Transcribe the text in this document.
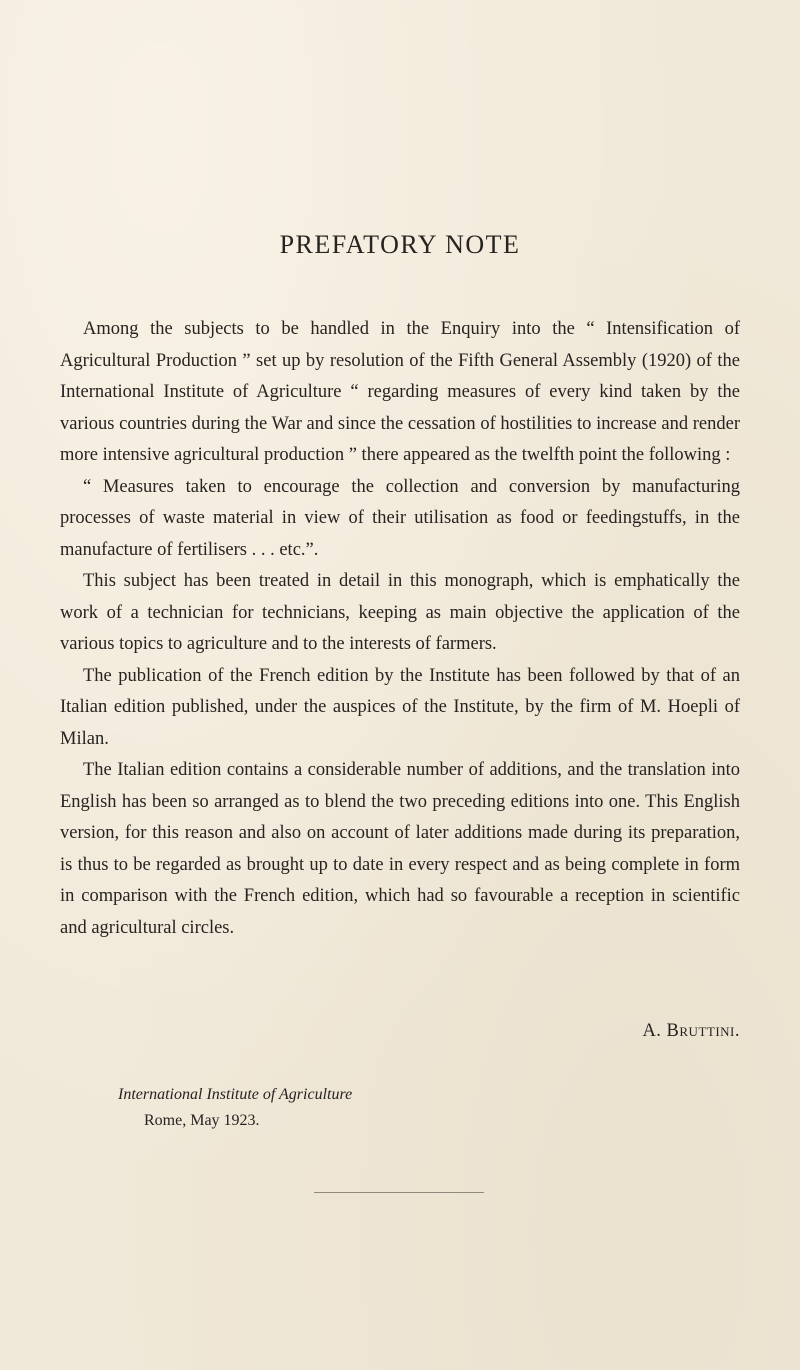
PREFATORY NOTE

Among the subjects to be handled in the Enquiry into the “ Intensification of Agricultural Production ” set up by resolution of the Fifth General Assembly (1920) of the International Institute of Agriculture “ regarding measures of every kind taken by the various countries during the War and since the cessation of hostilities to increase and render more intensive agricultural production ” there appeared as the twelfth point the following :

“ Measures taken to encourage the collection and conversion by manufacturing processes of waste material in view of their utilisation as food or feedingstuffs, in the manufacture of fertilisers . . . etc.”.

This subject has been treated in detail in this monograph, which is emphatically the work of a technician for technicians, keeping as main objective the application of the various topics to agriculture and to the interests of farmers.

The publication of the French edition by the Institute has been followed by that of an Italian edition published, under the auspices of the Institute, by the firm of M. Hoepli of Milan.

The Italian edition contains a considerable number of additions, and the translation into English has been so arranged as to blend the two preceding editions into one. This English version, for this reason and also on account of later additions made during its preparation, is thus to be regarded as brought up to date in every respect and as being complete in form in comparison with the French edition, which had so favourable a reception in scientific and agricultural circles.

A. Bruttini.
International Institute of Agriculture
Rome, May 1923.
